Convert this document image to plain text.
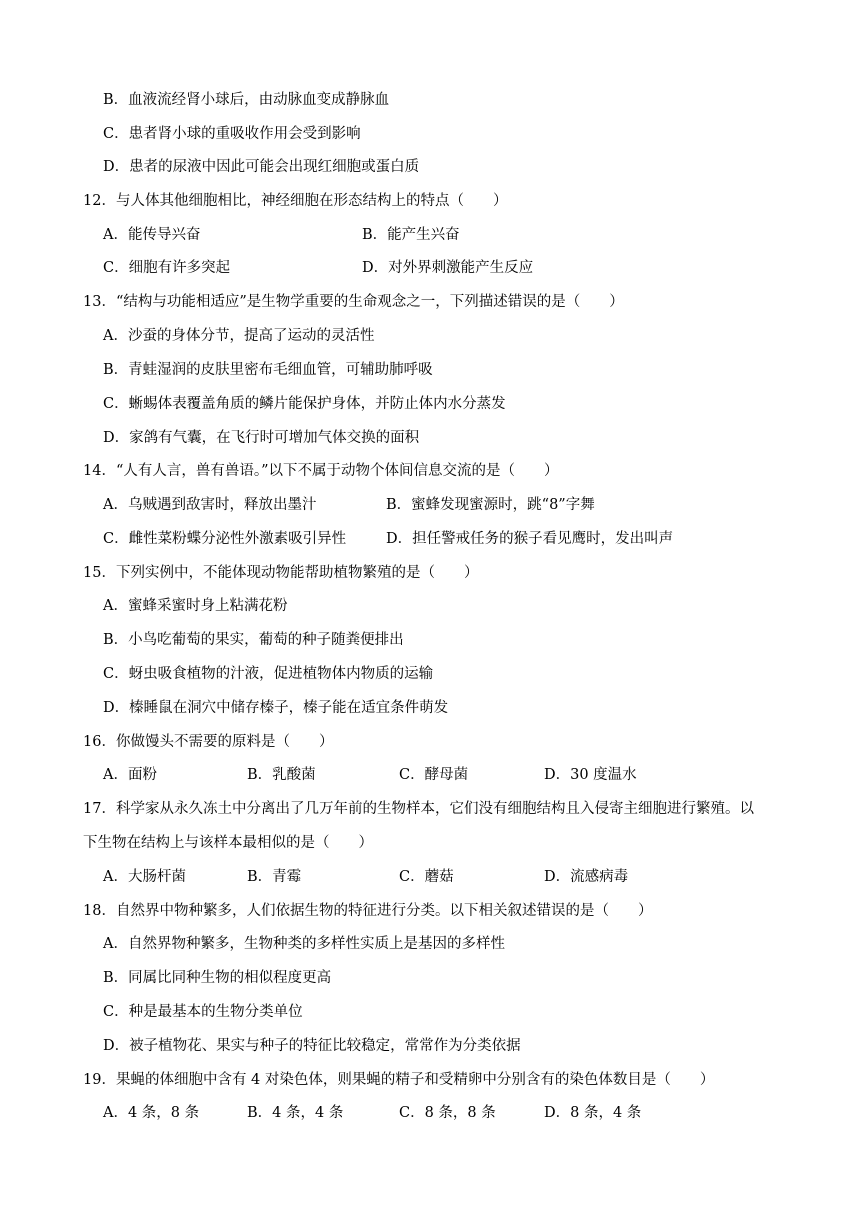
B．血液流经肾小球后，由动脉血变成静脉血
C．患者肾小球的重吸收作用会受到影响
D．患者的尿液中因此可能会出现红细胞或蛋白质
12．与人体其他细胞相比，神经细胞在形态结构上的特点（　　）
A．能传导兴奋	B．能产生兴奋
C．细胞有许多突起	D．对外界刺激能产生反应
13．“结构与功能相适应”是生物学重要的生命观念之一，下列描述错误的是（　　）
A．沙蚕的身体分节，提高了运动的灵活性
B．青蛙湿润的皮肤里密布毛细血管，可辅助肺呼吸
C．蜥蜴体表覆盖角质的鳞片能保护身体，并防止体内水分蒸发
D．家鸽有气囊，在飞行时可增加气体交换的面积
14．“人有人言，兽有兽语。”以下不属于动物个体间信息交流的是（　　）
A．乌贼遇到敌害时，释放出墨汁	B．蜜蜂发现蜜源时，跳“8”字舞
C．雌性菜粉蝶分泌性外激素吸引异性	D．担任警戒任务的猴子看见鹰时，发出叫声
15．下列实例中，不能体现动物能帮助植物繁殖的是（　　）
A．蜜蜂采蜜时身上粘满花粉
B．小鸟吃葡萄的果实，葡萄的种子随粪便排出
C．蚜虫吸食植物的汁液，促进植物体内物质的运输
D．榛睡鼠在洞穴中储存榛子，榛子能在适宜条件萌发
16．你做馒头不需要的原料是（　　）
A．面粉	B．乳酸菌	C．酵母菌	D．30 度温水
17．科学家从永久冻土中分离出了几万年前的生物样本，它们没有细胞结构且入侵寄主细胞进行繁殖。以
下生物在结构上与该样本最相似的是（　　）
A．大肠杆菌	B．青霉	C．蘑菇	D．流感病毒
18．自然界中物种繁多，人们依据生物的特征进行分类。以下相关叙述错误的是（　　）
A．自然界物种繁多，生物种类的多样性实质上是基因的多样性
B．同属比同种生物的相似程度更高
C．种是最基本的生物分类单位
D．被子植物花、果实与种子的特征比较稳定，常常作为分类依据
19．果蝇的体细胞中含有 4 对染色体，则果蝇的精子和受精卵中分别含有的染色体数目是（　　）
A．4 条，8 条	B．4 条，4 条	C．8 条，8 条	D．8 条，4 条
